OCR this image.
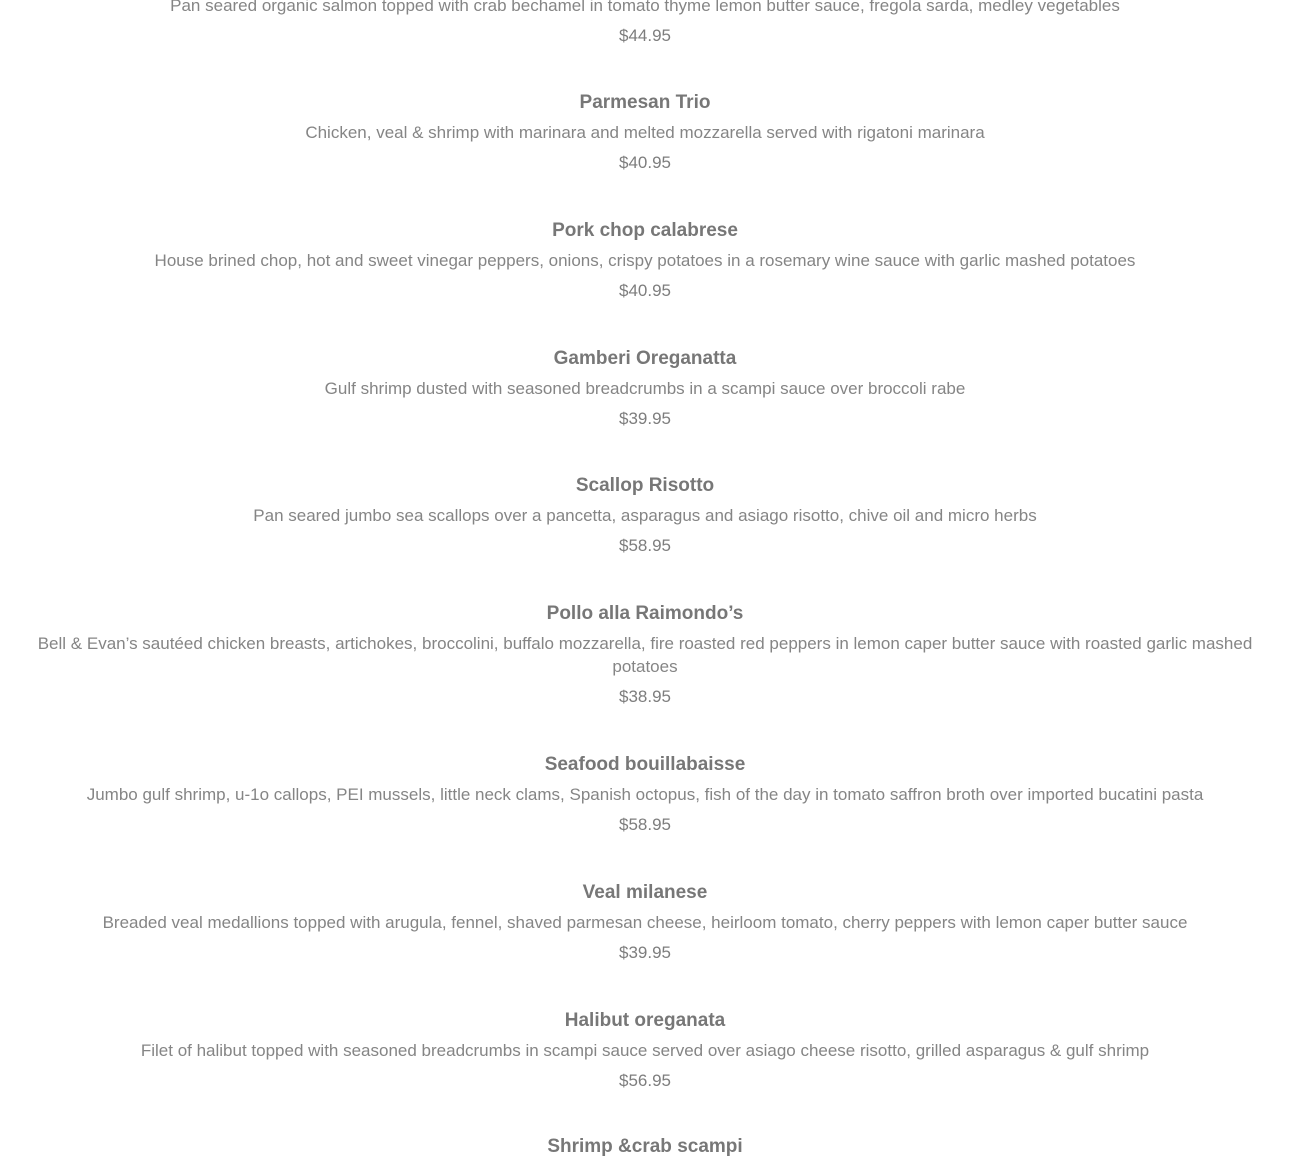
Pan seared organic salmon topped with crab bechamel in tomato thyme lemon butter sauce, fregola sarda, medley vegetables
$44.95
Parmesan Trio
Chicken, veal & shrimp with marinara and melted mozzarella served with rigatoni marinara
$40.95
Pork chop calabrese
House brined chop, hot and sweet vinegar peppers, onions, crispy potatoes in a rosemary wine sauce with garlic mashed potatoes
$40.95
Gamberi Oreganatta
Gulf shrimp dusted with seasoned breadcrumbs in a scampi sauce over broccoli rabe
$39.95
Scallop Risotto
Pan seared jumbo sea scallops over a pancetta, asparagus and asiago risotto, chive oil and micro herbs
$58.95
Pollo alla Raimondo’s
Bell & Evan’s sautéed chicken breasts, artichokes, broccolini, buffalo mozzarella, fire roasted red peppers in lemon caper butter sauce with roasted garlic mashed potatoes
$38.95
Seafood bouillabaisse
Jumbo gulf shrimp, u-1o callops, PEI mussels, little neck clams, Spanish octopus, fish of the day in tomato saffron broth over imported bucatini pasta
$58.95
Veal milanese
Breaded veal medallions topped with arugula, fennel, shaved parmesan cheese, heirloom tomato, cherry peppers with lemon caper butter sauce
$39.95
Halibut oreganata
Filet of halibut topped with seasoned breadcrumbs in scampi sauce served over asiago cheese risotto, grilled asparagus & gulf shrimp
$56.95
Shrimp &crab scampi
